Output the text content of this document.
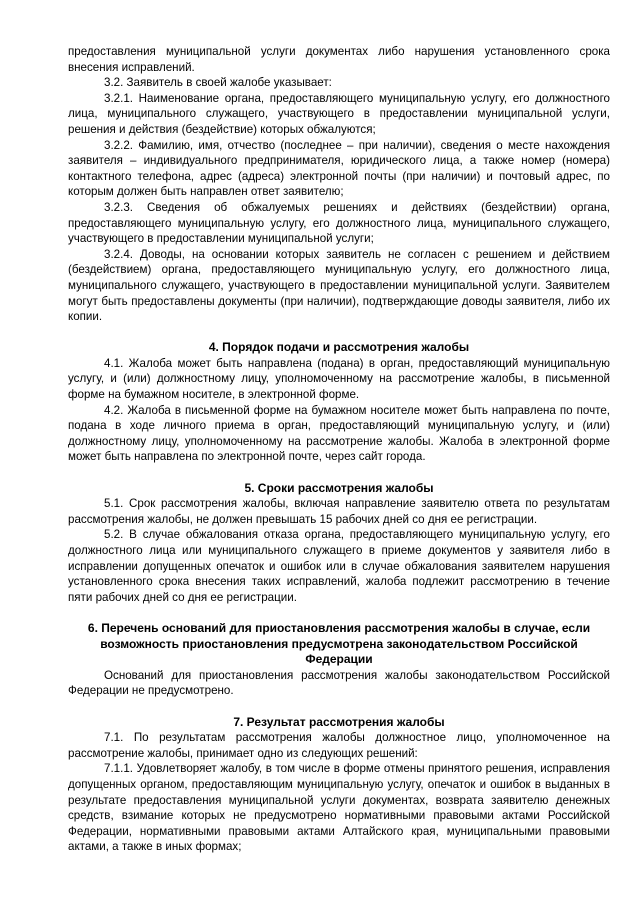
предоставления муниципальной услуги документах либо нарушения установленного срока внесения исправлений.

3.2. Заявитель в своей жалобе указывает:

3.2.1. Наименование органа, предоставляющего муниципальную услугу, его должностного лица, муниципального служащего, участвующего в предоставлении муниципальной услуги, решения и действия (бездействие) которых обжалуются;

3.2.2. Фамилию, имя, отчество (последнее – при наличии), сведения о месте нахождения заявителя – индивидуального предпринимателя, юридического лица, а также номер (номера) контактного телефона, адрес (адреса) электронной почты (при наличии) и почтовый адрес, по которым должен быть направлен ответ заявителю;

3.2.3. Сведения об обжалуемых решениях и действиях (бездействии) органа, предоставляющего муниципальную услугу, его должностного лица, муниципального служащего, участвующего в предоставлении муниципальной услуги;

3.2.4. Доводы, на основании которых заявитель не согласен с решением и действием (бездействием) органа, предоставляющего муниципальную услугу, его должностного лица, муниципального служащего, участвующего в предоставлении муниципальной услуги. Заявителем могут быть предоставлены документы (при наличии), подтверждающие доводы заявителя, либо их копии.

4. Порядок подачи и рассмотрения жалобы

4.1. Жалоба может быть направлена (подана) в орган, предоставляющий муниципальную услугу, и (или) должностному лицу, уполномоченному на рассмотрение жалобы, в письменной форме на бумажном носителе, в электронной форме.

4.2. Жалоба в письменной форме на бумажном носителе может быть направлена по почте, подана в ходе личного приема в орган, предоставляющий муниципальную услугу, и (или) должностному лицу, уполномоченному на рассмотрение жалобы. Жалоба в электронной форме может быть направлена по электронной почте, через сайт города.

5. Сроки рассмотрения жалобы

5.1. Срок рассмотрения жалобы, включая направление заявителю ответа по результатам рассмотрения жалобы, не должен превышать 15 рабочих дней со дня ее регистрации.

5.2. В случае обжалования отказа органа, предоставляющего муниципальную услугу, его должностного лица или муниципального служащего в приеме документов у заявителя либо в исправлении допущенных опечаток и ошибок или в случае обжалования заявителем нарушения установленного срока внесения таких исправлений, жалоба подлежит рассмотрению в течение пяти рабочих дней со дня ее регистрации.

6. Перечень оснований для приостановления рассмотрения жалобы в случае, если возможность приостановления предусмотрена законодательством Российской Федерации

Оснований для приостановления рассмотрения жалобы законодательством Российской Федерации не предусмотрено.

7. Результат рассмотрения жалобы

7.1. По результатам рассмотрения жалобы должностное лицо, уполномоченное на рассмотрение жалобы, принимает одно из следующих решений:

7.1.1. Удовлетворяет жалобу, в том числе в форме отмены принятого решения, исправления допущенных органом, предоставляющим муниципальную услугу, опечаток и ошибок в выданных в результате предоставления муниципальной услуги документах, возврата заявителю денежных средств, взимание которых не предусмотрено нормативными правовыми актами Российской Федерации, нормативными правовыми актами Алтайского края, муниципальными правовыми актами, а также в иных формах;
